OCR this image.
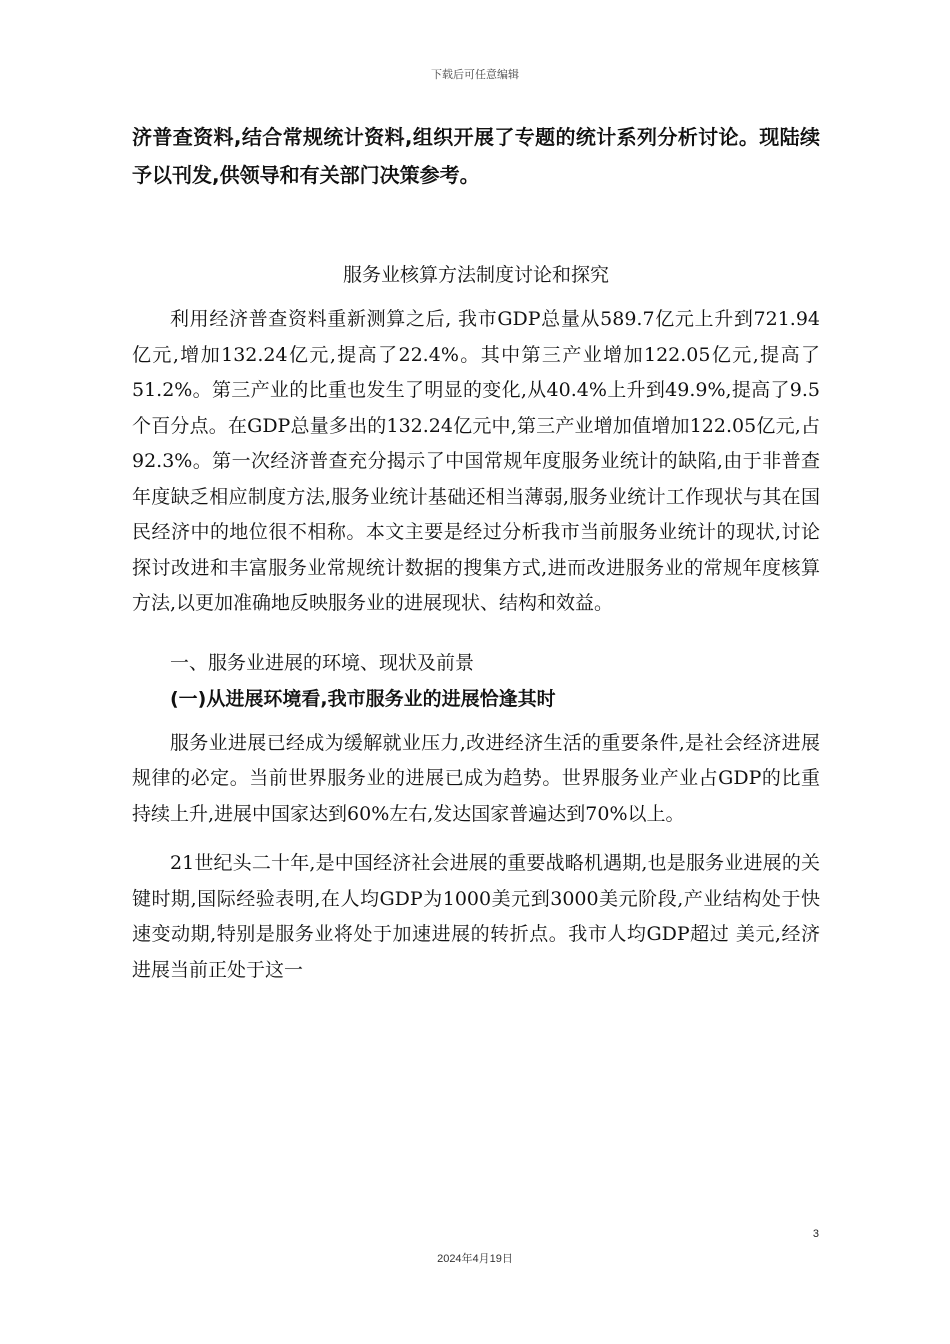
下载后可任意编辑

济普查资料,结合常规统计资料,组织开展了专题的统计系列分析讨论。现陆续予以刊发,供领导和有关部门决策参考。

服务业核算方法制度讨论和探究

利用经济普查资料重新测算之后, 我市GDP总量从589.7亿元上升到721.94亿元,增加132.24亿元,提高了22.4%。其中第三产业增加122.05亿元,提高了51.2%。第三产业的比重也发生了明显的变化,从40.4%上升到49.9%,提高了9.5个百分点。在GDP总量多出的132.24亿元中,第三产业增加值增加122.05亿元,占92.3%。第一次经济普查充分揭示了中国常规年度服务业统计的缺陷,由于非普查年度缺乏相应制度方法,服务业统计基础还相当薄弱,服务业统计工作现状与其在国民经济中的地位很不相称。本文主要是经过分析我市当前服务业统计的现状,讨论探讨改进和丰富服务业常规统计数据的搜集方式,进而改进服务业的常规年度核算方法,以更加准确地反映服务业的进展现状、结构和效益。

一、服务业进展的环境、现状及前景
(一)从进展环境看,我市服务业的进展恰逢其时

服务业进展已经成为缓解就业压力,改进经济生活的重要条件,是社会经济进展规律的必定。当前世界服务业的进展已成为趋势。世界服务业产业占GDP的比重持续上升,进展中国家达到60%左右,发达国家普遍达到70%以上。

21世纪头二十年,是中国经济社会进展的重要战略机遇期,也是服务业进展的关键时期,国际经验表明,在人均GDP为1000美元到3000美元阶段,产业结构处于快速变动期,特别是服务业将处于加速进展的转折点。我市人均GDP超过 美元,经济进展当前正处于这一

3
2024年4月19日
